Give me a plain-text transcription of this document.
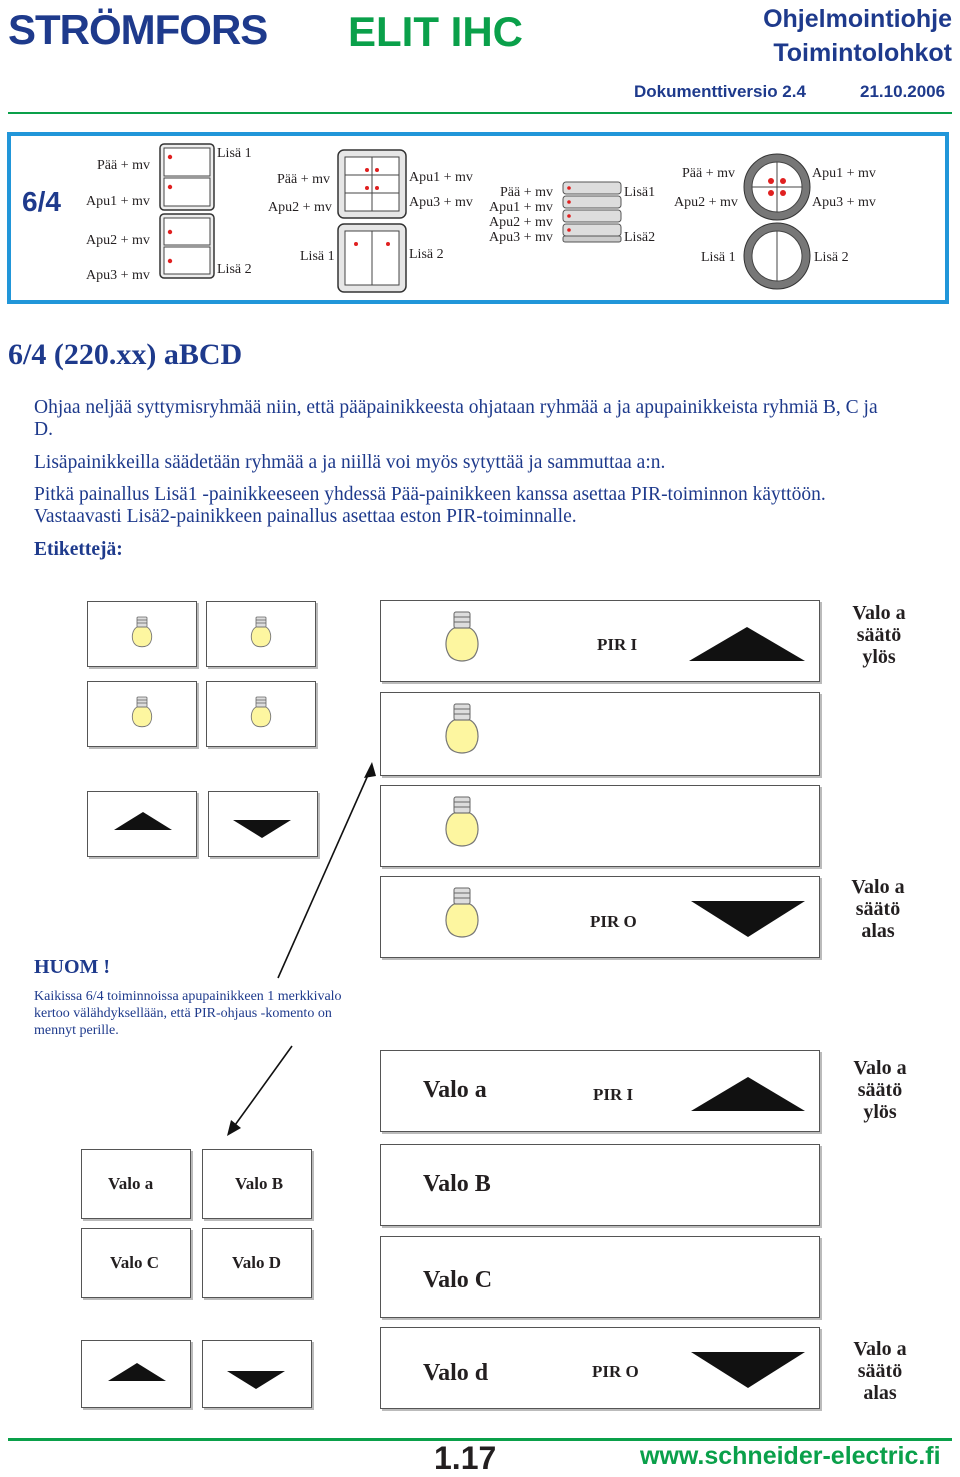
STRÖMFORS ELIT IHC	Ohjelmointiohje
Toimintolohkot
Dokumenttiversio 2.4	21.10.2006
6/4
Pää + mv
Apu1 + mv
Apu2 + mv
Apu3 + mv
Lisä 1
Lisä 2
Pää + mv
Apu2 + mv
Lisä 1
Apu1 + mv
Apu3 + mv
Lisä 2
Pää + mv
Apu1 + mv
Apu2 + mv
Apu3 + mv
Lisä1
Lisä2
Pää + mv
Apu2 + mv
Lisä 1
Apu1 + mv
Apu3 + mv
Lisä 2
6/4 (220.xx) aBCD
Ohjaa neljää syttymisryhmää niin, että pääpainikkeesta ohjataan ryhmää a ja apupainikkeista ryhmiä B, C ja D.
Lisäpainikkeilla säädetään ryhmää a ja niillä voi myös sytyttää ja sammuttaa a:n.
Pitkä painallus Lisä1 -painikkeeseen yhdessä Pää-painikkeen kanssa asettaa PIR-toiminnon käyttöön. Vastaavasti Lisä2-painikkeen painallus asettaa eston PIR-toiminnalle.
Etikettejä:
PIR I
Valo a
säätö
ylös
PIR O
Valo a
säätö
alas
HUOM !
Kaikissa 6/4 toiminnoissa apupainikkeen 1 merkkivalo kertoo välähdyksellään, että PIR-ohjaus -komento on mennyt perille.
Valo a	PIR I
Valo a
säätö
ylös
Valo a	Valo B	Valo B
Valo C	Valo D
Valo C
Valo d	PIR O
Valo a
säätö
alas
1.17	www.schneider-electric.fi
